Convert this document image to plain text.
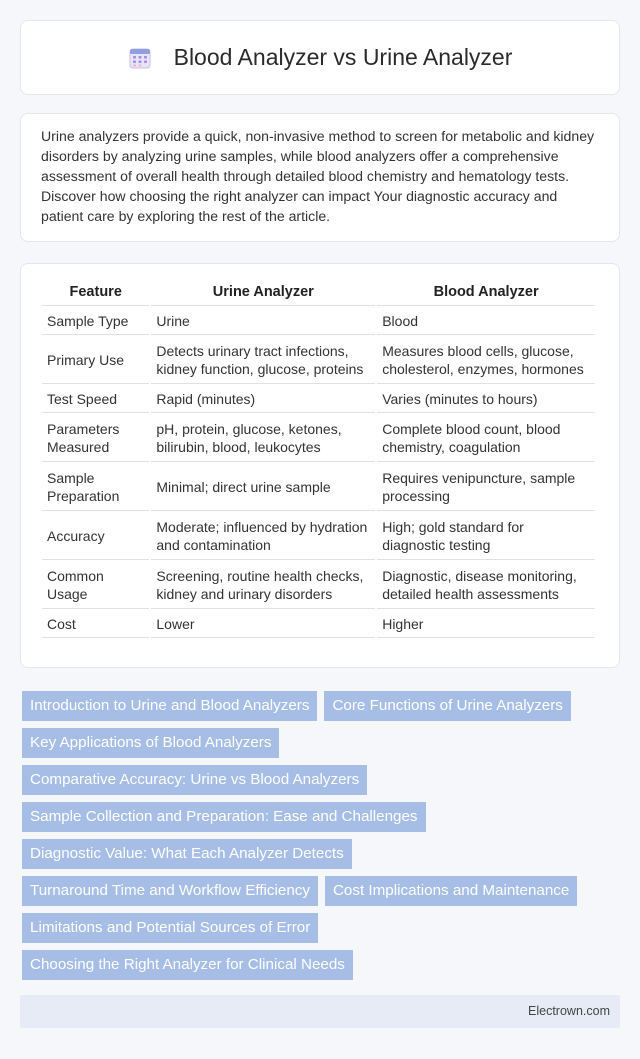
Blood Analyzer vs Urine Analyzer

Urine analyzers provide a quick, non-invasive method to screen for metabolic and kidney disorders by analyzing urine samples, while blood analyzers offer a comprehensive assessment of overall health through detailed blood chemistry and hematology tests. Discover how choosing the right analyzer can impact Your diagnostic accuracy and patient care by exploring the rest of the article.

Feature	Urine Analyzer	Blood Analyzer
Sample Type	Urine	Blood
Primary Use	Detects urinary tract infections, kidney function, glucose, proteins	Measures blood cells, glucose, cholesterol, enzymes, hormones
Test Speed	Rapid (minutes)	Varies (minutes to hours)
Parameters Measured	pH, protein, glucose, ketones, bilirubin, blood, leukocytes	Complete blood count, blood chemistry, coagulation
Sample Preparation	Minimal; direct urine sample	Requires venipuncture, sample processing
Accuracy	Moderate; influenced by hydration and contamination	High; gold standard for diagnostic testing
Common Usage	Screening, routine health checks, kidney and urinary disorders	Diagnostic, disease monitoring, detailed health assessments
Cost	Lower	Higher
Introduction to Urine and Blood Analyzers	Core Functions of Urine Analyzers
Key Applications of Blood Analyzers
Comparative Accuracy: Urine vs Blood Analyzers
Sample Collection and Preparation: Ease and Challenges
Diagnostic Value: What Each Analyzer Detects
Turnaround Time and Workflow Efficiency	Cost Implications and Maintenance
Limitations and Potential Sources of Error
Choosing the Right Analyzer for Clinical Needs
Electrown.com
